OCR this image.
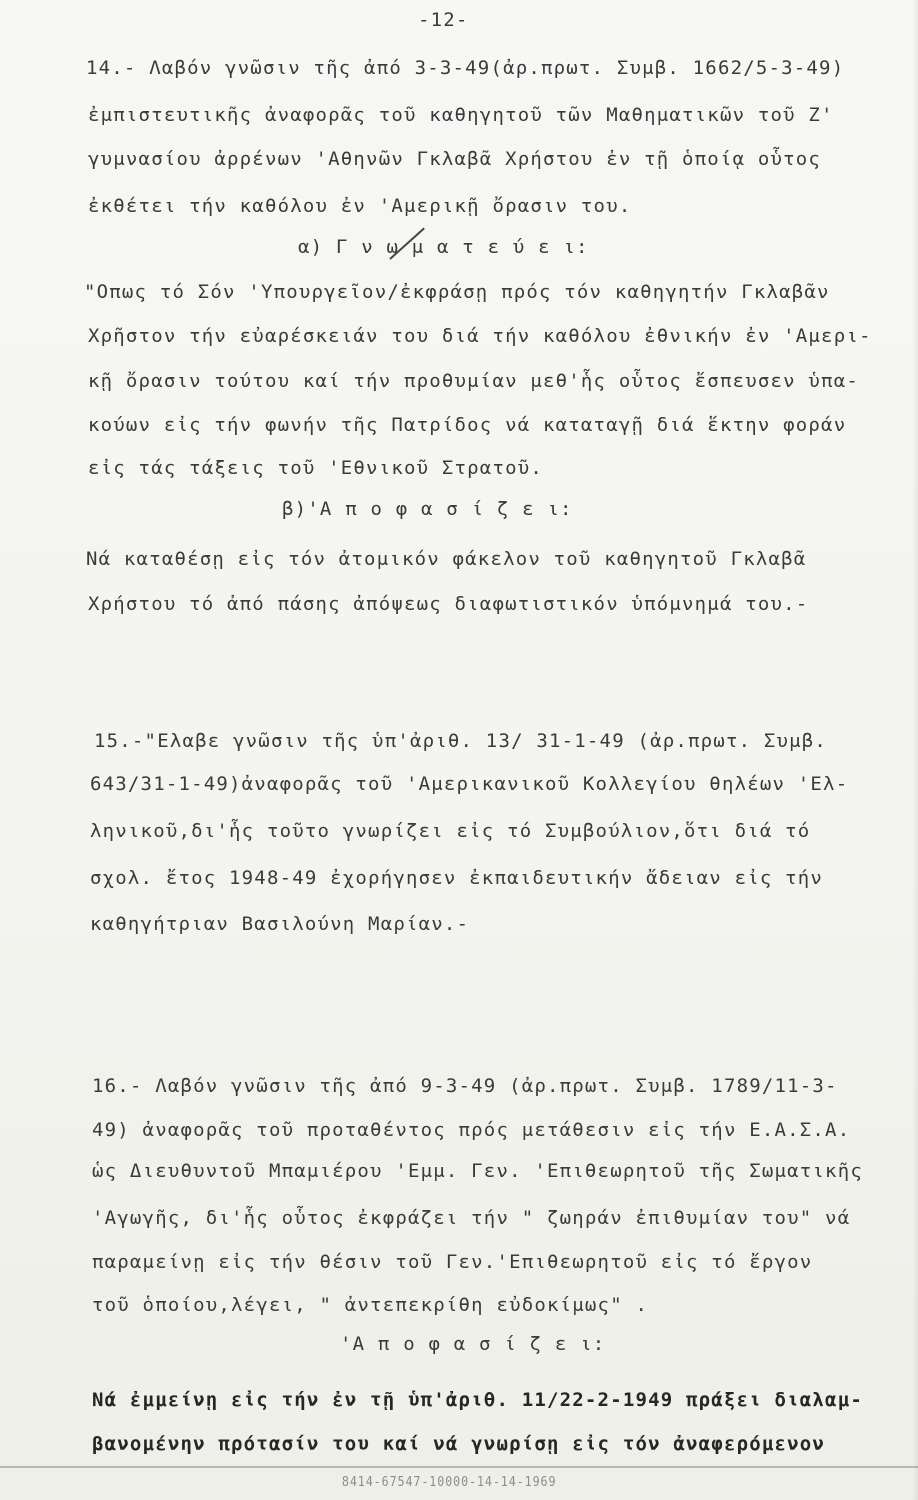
-12-
14.- Λαβόν γνῶσιν τῆς ἀπό 3-3-49(ἀρ.πρωτ. Συμβ. 1662/5-3-49)
ἐμπιστευτικῆς ἀναφορᾶς τοῦ καθηγητοῦ τῶν Μαθηματικῶν τοῦ Ζ'
γυμνασίου ἀρρένων 'Αθηνῶν Γκλαβᾶ Χρήστου ἐν τῇ ὁποίᾳ οὗτος
ἐκθέτει τήν καθόλου ἐν 'Αμερικῇ ὄρασιν του.
α) Γ ν ω μ α τ ε ύ ε ι:
"Οπως τό Σόν 'Υπουργεῖον/ἐκφράσῃ πρός τόν καθηγητήν Γκλαβᾶν
Χρῆστον τήν εὐαρέσκειάν του διά τήν καθόλου ἐθνικήν ἐν 'Αμερι-
κῇ ὄρασιν τούτου καί τήν προθυμίαν μεθ'ἧς οὗτος ἔσπευσεν ὑπα-
κούων εἰς τήν φωνήν τῆς Πατρίδος νά καταταγῇ διά ἕκτην φοράν
εἰς τάς τάξεις τοῦ 'Εθνικοῦ Στρατοῦ.
β)'Α π ο φ α σ ί ζ ε ι:
Νά καταθέσῃ εἰς τόν ἀτομικόν φάκελον τοῦ καθηγητοῦ Γκλαβᾶ
Χρήστου τό ἀπό πάσης ἀπόψεως διαφωτιστικόν ὑπόμνημά του.-
15.-"Ελαβε γνῶσιν τῆς ὑπ'ἀριθ. 13/ 31-1-49 (ἀρ.πρωτ. Συμβ.
643/31-1-49)ἀναφορᾶς τοῦ 'Αμερικανικοῦ Κολλεγίου θηλέων 'Ελ-
ληνικοῦ,δι'ἧς τοῦτο γνωρίζει εἰς τό Συμβούλιον,ὅτι διά τό
σχολ. ἔτος 1948-49 ἐχορήγησεν ἐκπαιδευτικήν ἄδειαν εἰς τήν
καθηγήτριαν Βασιλούνη Μαρίαν.-
16.- Λαβόν γνῶσιν τῆς ἀπό 9-3-49 (ἀρ.πρωτ. Συμβ. 1789/11-3-
49) ἀναφορᾶς τοῦ προταθέντος πρός μετάθεσιν εἰς τήν Ε.Α.Σ.Α.
ὡς Διευθυντοῦ Μπαμιέρου 'Εμμ. Γεν. 'Επιθεωρητοῦ τῆς Σωματικῆς
'Αγωγῆς, δι'ἧς οὗτος ἐκφράζει τήν " ζωηράν ἐπιθυμίαν του" νά
παραμείνῃ εἰς τήν θέσιν τοῦ Γεν.'Επιθεωρητοῦ εἰς τό ἔργον
τοῦ ὁποίου,λέγει, " ἀντεπεκρίθη εὐδοκίμως" .
'Α π ο φ α σ ί ζ ε ι:
Νά ἐμμείνῃ εἰς τήν ἐν τῇ ὑπ'ἀριθ. 11/22-2-1949 πράξει διαλαμ-
βανομένην πρότασίν του καί νά γνωρίσῃ εἰς τόν ἀναφερόμενον
8414-67547-10000-14-14-1969
